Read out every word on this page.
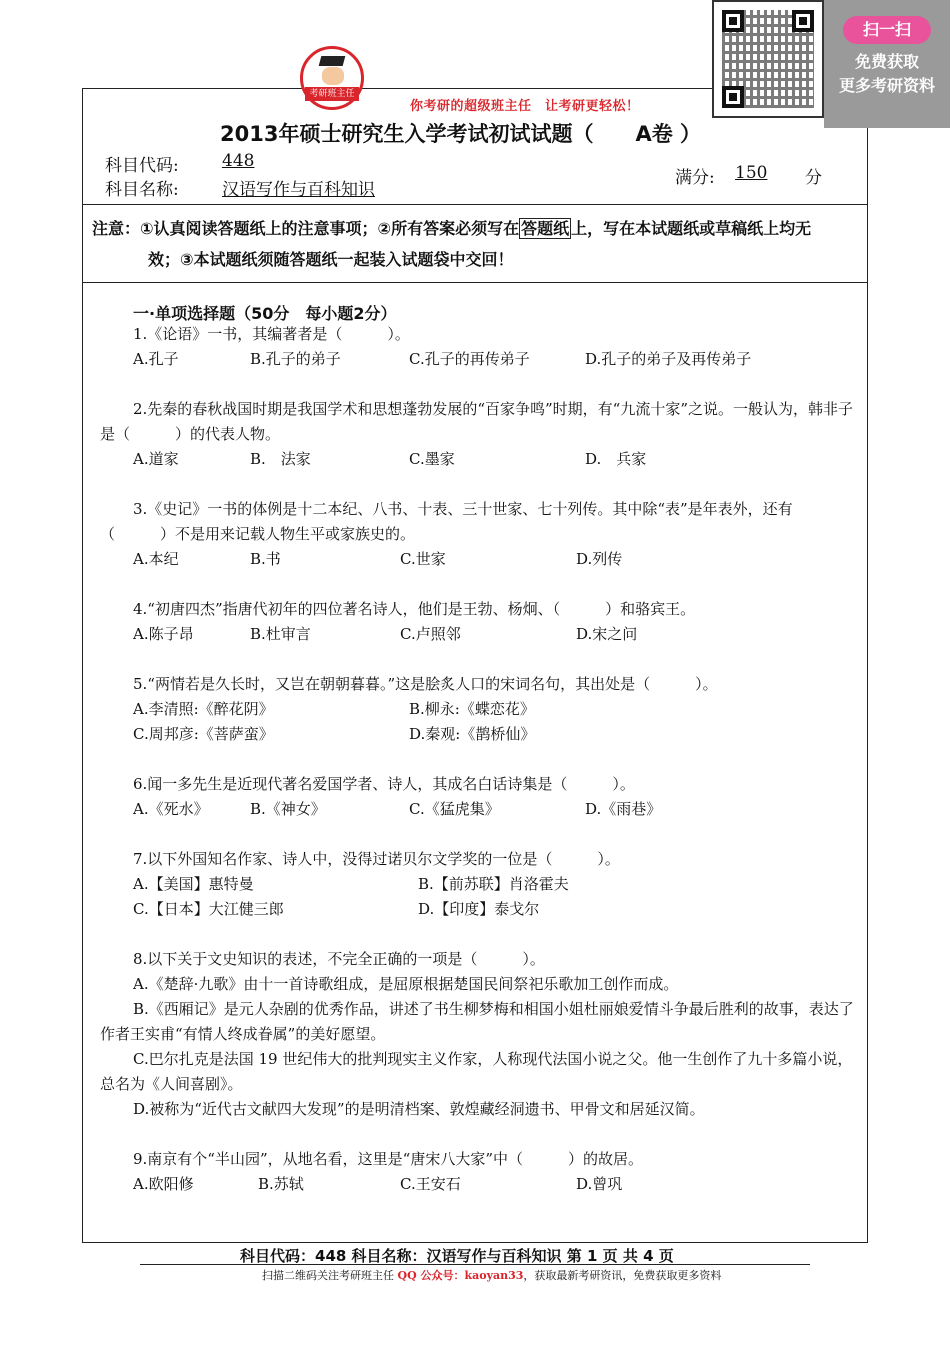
考研班主任
你考研的超级班主任　让考研更轻松！
扫一扫
免费获取
更多考研资料
2013年硕士研究生入学考试初试试题（　　A卷 ）
科目代码:	448
科目名称:	汉语写作与百科知识
满分: 150 分
注意：①认真阅读答题纸上的注意事项；②所有答案必须写在 答题纸 上，写在本试题纸或草稿纸上均无
效；③本试题纸须随答题纸一起装入试题袋中交回！
一·单项选择题（50分　每小题2分）
1.《论语》一书，其编著者是（　　　）。
A.孔子	B.孔子的弟子	C.孔子的再传弟子	D.孔子的弟子及再传弟子
2.先秦的春秋战国时期是我国学术和思想蓬勃发展的“百家争鸣”时期，有“九流十家”之说。一般认为，韩非子是（　　　）的代表人物。
A.道家	B.　法家	C.墨家	D.　兵家
3.《史记》一书的体例是十二本纪、八书、十表、三十世家、七十列传。其中除“表”是年表外，还有（　　　）不是用来记载人物生平或家族史的。
A.本纪	B.书	C.世家	D.列传
4.“初唐四杰”指唐代初年的四位著名诗人，他们是王勃、杨炯、（　　　）和骆宾王。
A.陈子昂	B.杜审言	C.卢照邻	D.宋之问
5.“两情若是久长时，又岂在朝朝暮暮。”这是脍炙人口的宋词名句，其出处是（　　　）。
A.李清照:《醉花阴》	B.柳永:《蝶恋花》
C.周邦彦:《菩萨蛮》	D.秦观:《鹊桥仙》
6.闻一多先生是近现代著名爱国学者、诗人，其成名白话诗集是（　　　）。
A.《死水》	B.《神女》	C.《猛虎集》	D.《雨巷》
7.以下外国知名作家、诗人中，没得过诺贝尔文学奖的一位是（　　　）。
A.【美国】惠特曼	B.【前苏联】肖洛霍夫
C.【日本】大江健三郎	D.【印度】泰戈尔
8.以下关于文史知识的表述，不完全正确的一项是（　　　）。
A.《楚辞·九歌》由十一首诗歌组成，是屈原根据楚国民间祭祀乐歌加工创作而成。
B.《西厢记》是元人杂剧的优秀作品，讲述了书生柳梦梅和相国小姐杜丽娘爱情斗争最后胜利的故事，表达了作者王实甫“有情人终成眷属”的美好愿望。
C.巴尔扎克是法国 19 世纪伟大的批判现实主义作家，人称现代法国小说之父。他一生创作了九十多篇小说，总名为《人间喜剧》。
D.被称为“近代古文献四大发现”的是明清档案、敦煌藏经洞遗书、甲骨文和居延汉简。
9.南京有个“半山园”，从地名看，这里是“唐宋八大家”中（　　　）的故居。
A.欧阳修	B.苏轼	C.王安石	D.曾巩
科目代码：448 科目名称：汉语写作与百科知识 第 1 页 共 4 页
扫描二维码关注考研班主任 QQ 公众号：kaoyan33，获取最新考研资讯，免费获取更多资料
